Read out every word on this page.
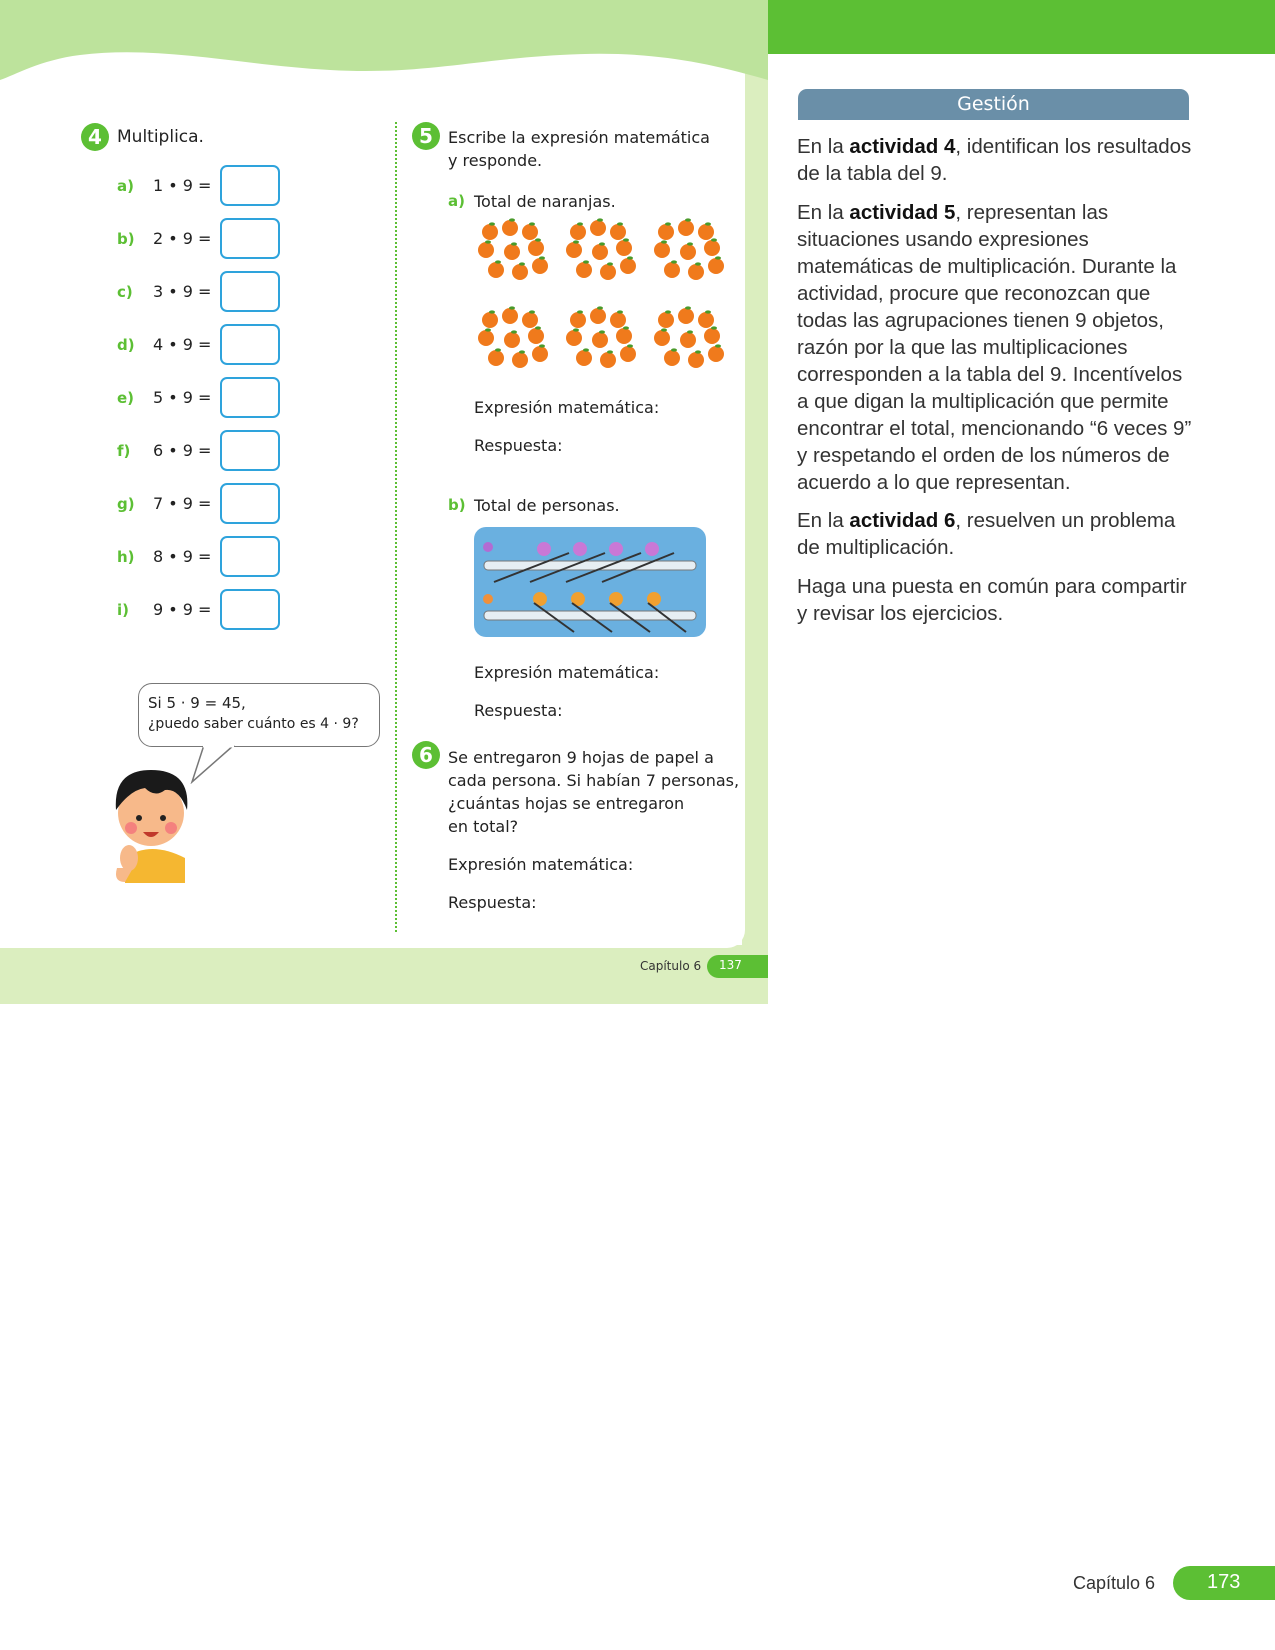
4 Multiplica.
a) 1 • 9 =
b) 2 • 9 =
c) 3 • 9 =
d) 4 • 9 =
e) 5 • 9 =
f) 6 • 9 =
g) 7 • 9 =
h) 8 • 9 =
i) 9 • 9 =
Si 5 · 9 = 45,
¿puedo saber cuánto es 4 · 9?
5 Escribe la expresión matemática
y responde.
a) Total de naranjas.
Expresión matemática:
Respuesta:
b) Total de personas.
Expresión matemática:
Respuesta:
6 Se entregaron 9 hojas de papel a
cada persona. Si habían 7 personas,
¿cuántas hojas se entregaron
en total?
Expresión matemática:
Respuesta:
Capítulo 6 137
Gestión

En la actividad 4, identifican los resultados de la tabla del 9.

En la actividad 5, representan las situaciones usando expresiones matemáticas de multiplicación. Durante la actividad, procure que reconozcan que todas las agrupaciones tienen 9 objetos, razón por la que las multiplicaciones corresponden a la tabla del 9. Incentívelos a que digan la multiplicación que permite encontrar el total, mencionando “6 veces 9” y respetando el orden de los números de acuerdo a lo que representan.

En la actividad 6, resuelven un problema de multiplicación.

Haga una puesta en común para compartir y revisar los ejercicios.

Capítulo 6	173
